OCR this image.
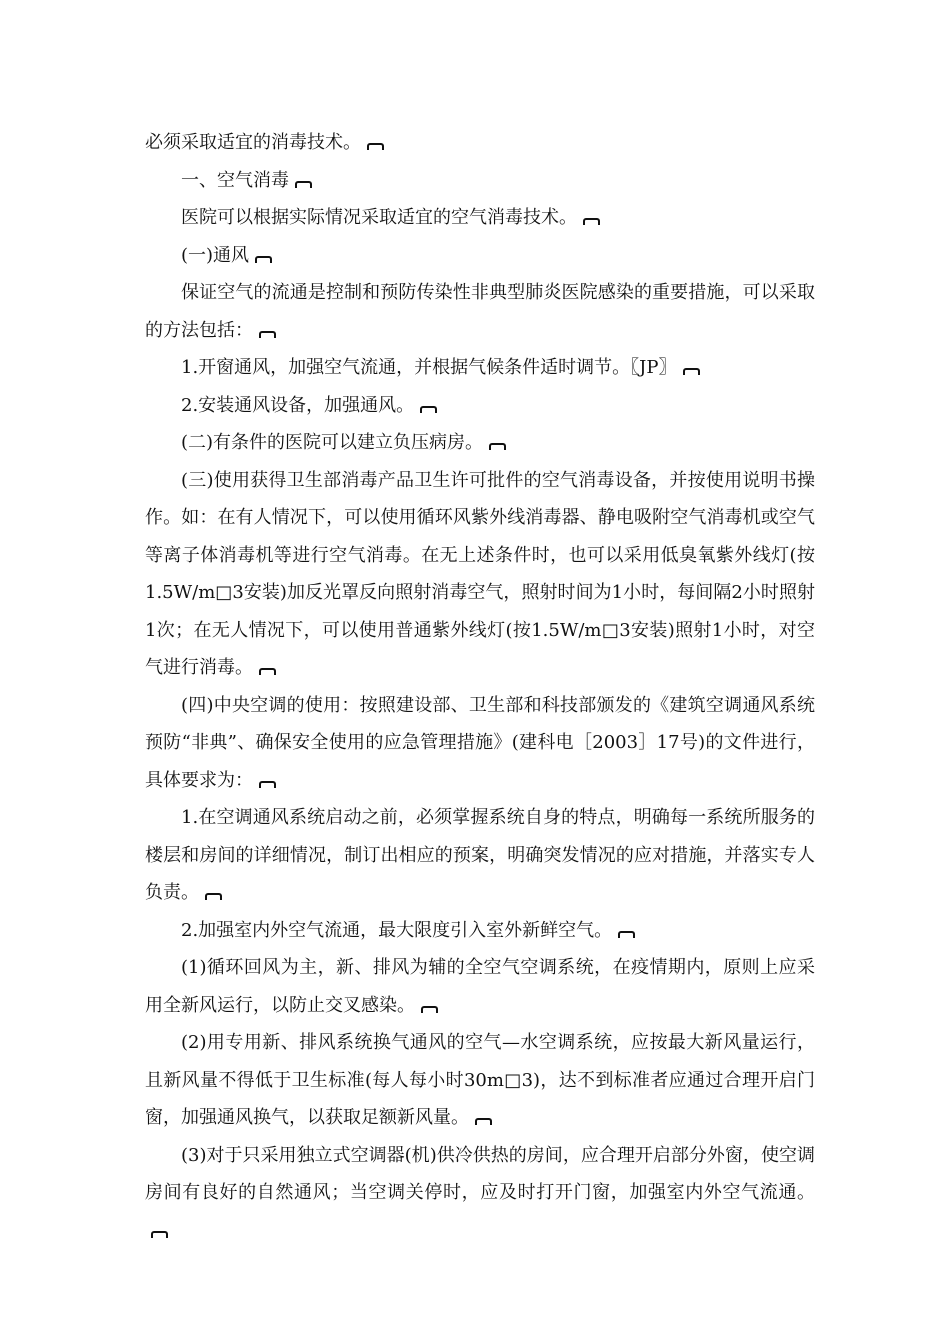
必须采取适宜的消毒技术。

一、空气消毒

医院可以根据实际情况采取适宜的空气消毒技术。

(一)通风

保证空气的流通是控制和预防传染性非典型肺炎医院感染的重要措施，可以采取的方法包括：

1.开窗通风，加强空气流通，并根据气候条件适时调节。〖JP〗

2.安装通风设备，加强通风。

(二)有条件的医院可以建立负压病房。

(三)使用获得卫生部消毒产品卫生许可批件的空气消毒设备，并按使用说明书操作。如：在有人情况下，可以使用循环风紫外线消毒器、静电吸附空气消毒机或空气等离子体消毒机等进行空气消毒。在无上述条件时，也可以采用低臭氧紫外线灯(按1.5W/m□3安装)加反光罩反向照射消毒空气，照射时间为1小时，每间隔2小时照射1次；在无人情况下，可以使用普通紫外线灯(按1.5W/m□3安装)照射1小时，对空气进行消毒。

(四)中央空调的使用：按照建设部、卫生部和科技部颁发的《建筑空调通风系统预防“非典”、确保安全使用的应急管理措施》(建科电［2003］17号)的文件进行，具体要求为：

1.在空调通风系统启动之前，必须掌握系统自身的特点，明确每一系统所服务的楼层和房间的详细情况，制订出相应的预案，明确突发情况的应对措施，并落实专人负责。

2.加强室内外空气流通，最大限度引入室外新鲜空气。

(1)循环回风为主，新、排风为辅的全空气空调系统，在疫情期内，原则上应采用全新风运行，以防止交叉感染。

(2)用专用新、排风系统换气通风的空气—水空调系统，应按最大新风量运行，且新风量不得低于卫生标准(每人每小时30m□3)，达不到标准者应通过合理开启门窗，加强通风换气，以获取足额新风量。

(3)对于只采用独立式空调器(机)供冷供热的房间，应合理开启部分外窗，使空调房间有良好的自然通风；当空调关停时，应及时打开门窗，加强室内外空气流通。
